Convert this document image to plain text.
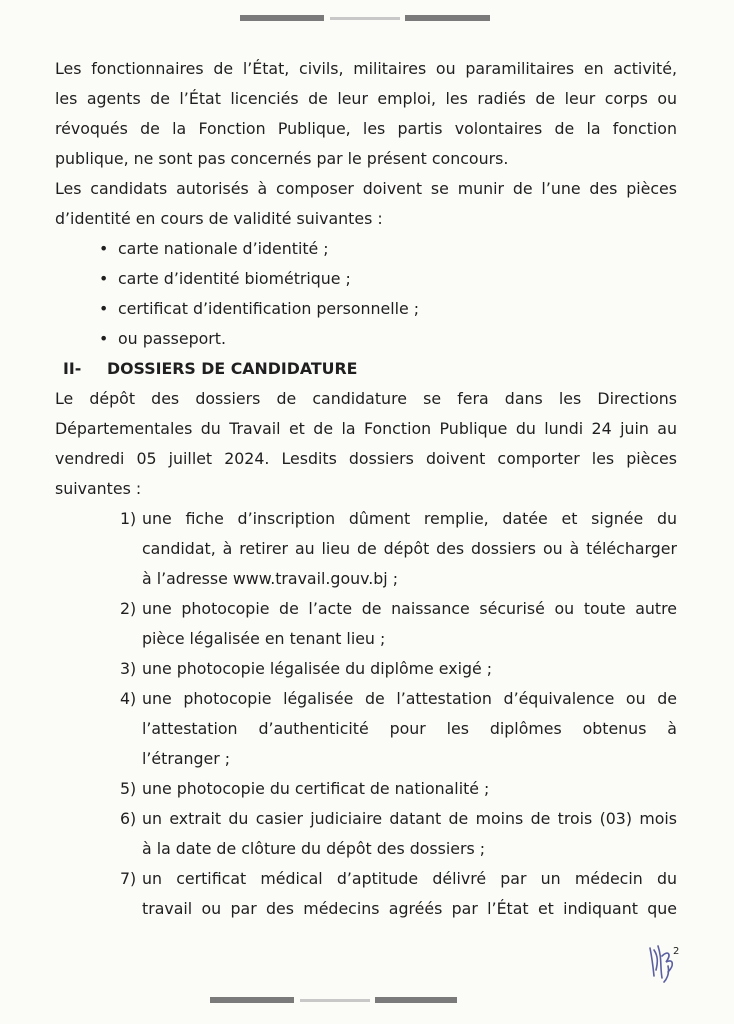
Les fonctionnaires de l’État, civils, militaires ou paramilitaires en activité,
les agents de l’État licenciés de leur emploi, les radiés de leur corps ou
révoqués de la Fonction Publique, les partis volontaires de la fonction
publique, ne sont pas concernés par le présent concours.
Les candidats autorisés à composer doivent se munir de l’une des pièces
d’identité en cours de validité suivantes :
• carte nationale d’identité ;
• carte d’identité biométrique ;
• certificat d’identification personnelle ;
• ou passeport.
II- DOSSIERS DE CANDIDATURE
Le dépôt des dossiers de candidature se fera dans les Directions
Départementales du Travail et de la Fonction Publique du lundi 24 juin au
vendredi 05 juillet 2024. Lesdits dossiers doivent comporter les pièces
suivantes :
1) une fiche d’inscription dûment remplie, datée et signée du
candidat, à retirer au lieu de dépôt des dossiers ou à télécharger
à l’adresse www.travail.gouv.bj ;
2) une photocopie de l’acte de naissance sécurisé ou toute autre
pièce légalisée en tenant lieu ;
3) une photocopie légalisée du diplôme exigé ;
4) une photocopie légalisée de l’attestation d’équivalence ou de
l’attestation d’authenticité pour les diplômes obtenus à
l’étranger ;
5) une photocopie du certificat de nationalité ;
6) un extrait du casier judiciaire datant de moins de trois (03) mois
à la date de clôture du dépôt des dossiers ;
7) un certificat médical d’aptitude délivré par un médecin du
travail ou par des médecins agréés par l’État et indiquant que
2
